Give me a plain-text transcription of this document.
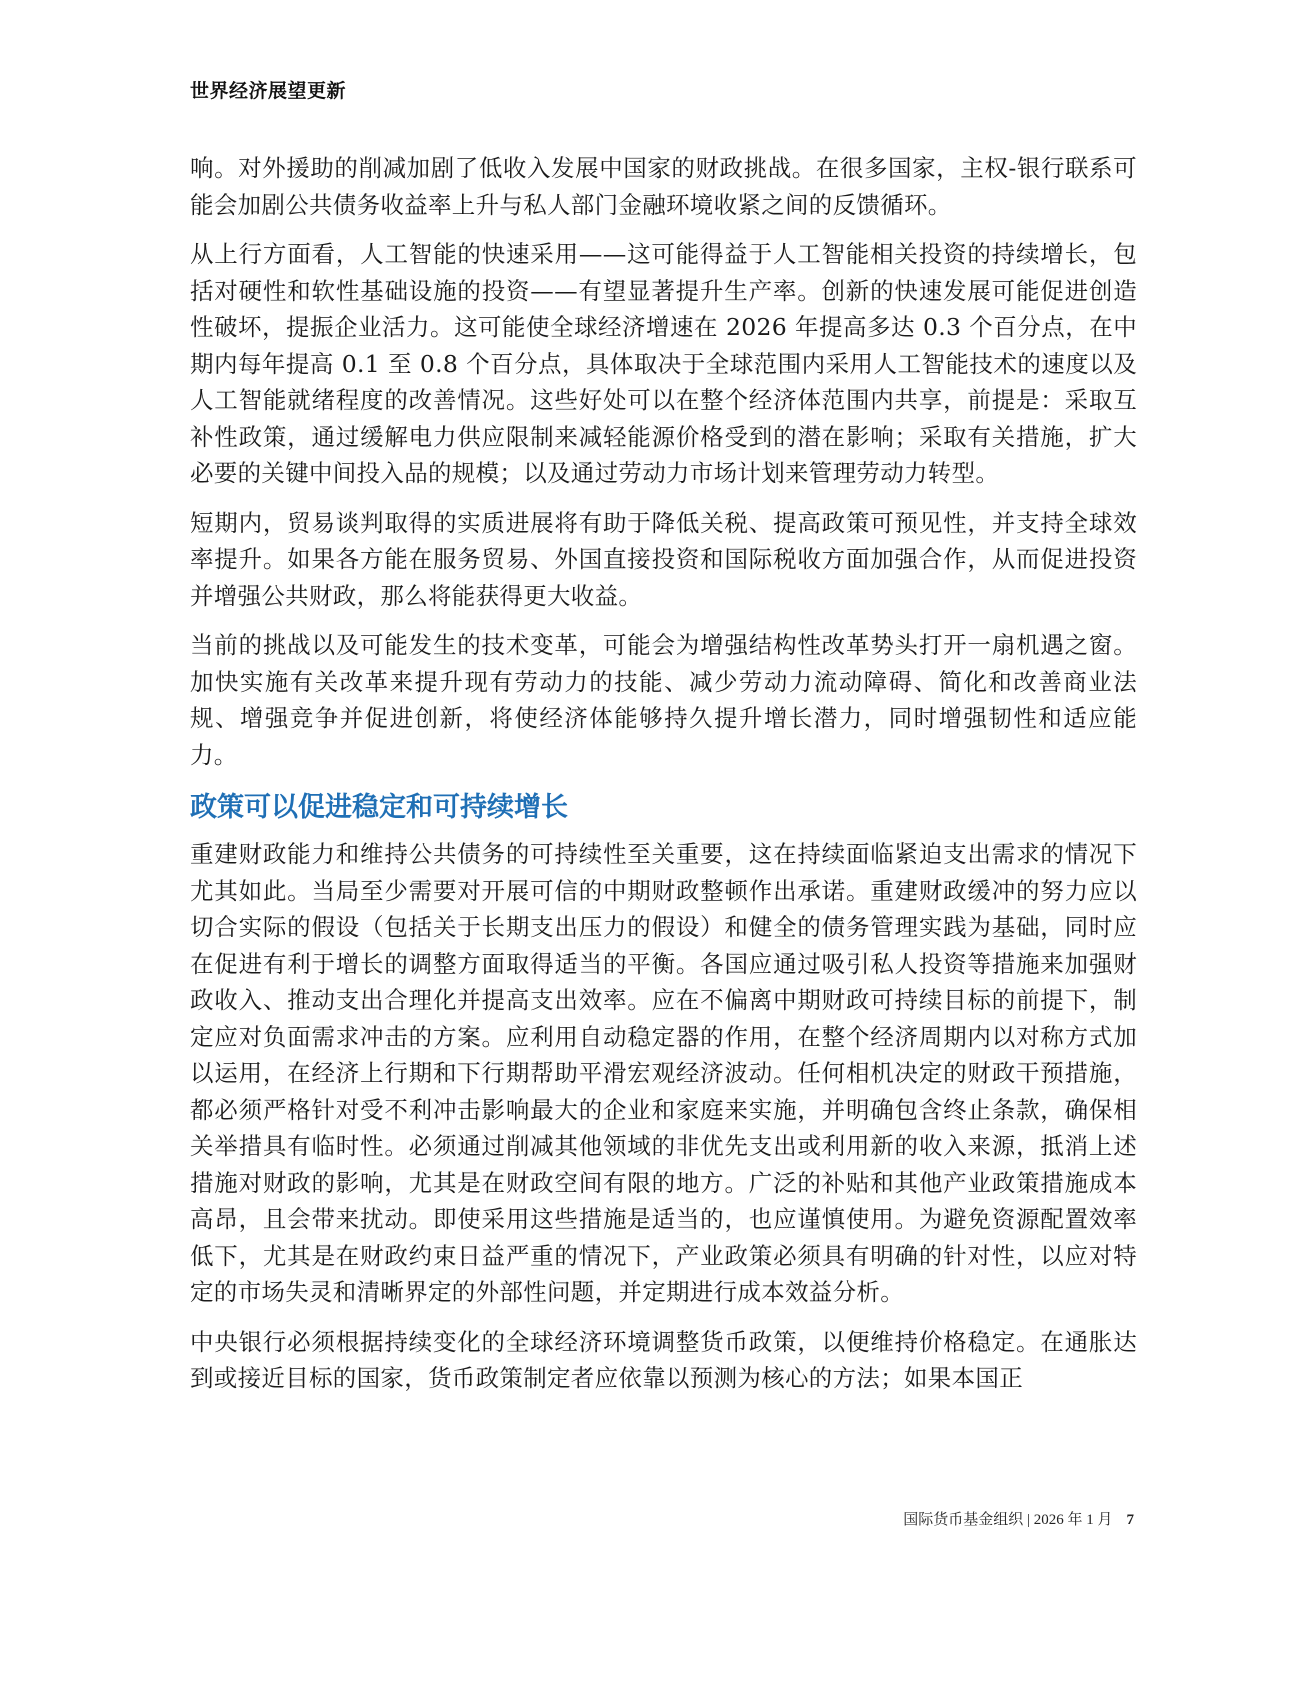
世界经济展望更新

响。对外援助的削减加剧了低收入发展中国家的财政挑战。在很多国家，主权-银行联系可能会加剧公共债务收益率上升与私人部门金融环境收紧之间的反馈循环。

从上行方面看，人工智能的快速采用——这可能得益于人工智能相关投资的持续增长，包括对硬性和软性基础设施的投资——有望显著提升生产率。创新的快速发展可能促进创造性破坏，提振企业活力。这可能使全球经济增速在 2026 年提高多达 0.3 个百分点，在中期内每年提高 0.1 至 0.8 个百分点，具体取决于全球范围内采用人工智能技术的速度以及人工智能就绪程度的改善情况。这些好处可以在整个经济体范围内共享，前提是：采取互补性政策，通过缓解电力供应限制来减轻能源价格受到的潜在影响；采取有关措施，扩大必要的关键中间投入品的规模；以及通过劳动力市场计划来管理劳动力转型。

短期内，贸易谈判取得的实质进展将有助于降低关税、提高政策可预见性，并支持全球效率提升。如果各方能在服务贸易、外国直接投资和国际税收方面加强合作，从而促进投资并增强公共财政，那么将能获得更大收益。

当前的挑战以及可能发生的技术变革，可能会为增强结构性改革势头打开一扇机遇之窗。加快实施有关改革来提升现有劳动力的技能、减少劳动力流动障碍、简化和改善商业法规、增强竞争并促进创新，将使经济体能够持久提升增长潜力，同时增强韧性和适应能力。

政策可以促进稳定和可持续增长

重建财政能力和维持公共债务的可持续性至关重要，这在持续面临紧迫支出需求的情况下尤其如此。当局至少需要对开展可信的中期财政整顿作出承诺。重建财政缓冲的努力应以切合实际的假设（包括关于长期支出压力的假设）和健全的债务管理实践为基础，同时应在促进有利于增长的调整方面取得适当的平衡。各国应通过吸引私人投资等措施来加强财政收入、推动支出合理化并提高支出效率。应在不偏离中期财政可持续目标的前提下，制定应对负面需求冲击的方案。应利用自动稳定器的作用，在整个经济周期内以对称方式加以运用，在经济上行期和下行期帮助平滑宏观经济波动。任何相机决定的财政干预措施，都必须严格针对受不利冲击影响最大的企业和家庭来实施，并明确包含终止条款，确保相关举措具有临时性。必须通过削减其他领域的非优先支出或利用新的收入来源，抵消上述措施对财政的影响，尤其是在财政空间有限的地方。广泛的补贴和其他产业政策措施成本高昂，且会带来扰动。即使采用这些措施是适当的，也应谨慎使用。为避免资源配置效率低下，尤其是在财政约束日益严重的情况下，产业政策必须具有明确的针对性，以应对特定的市场失灵和清晰界定的外部性问题，并定期进行成本效益分析。

中央银行必须根据持续变化的全球经济环境调整货币政策，以便维持价格稳定。在通胀达到或接近目标的国家，货币政策制定者应依靠以预测为核心的方法；如果本国正

国际货币基金组织 | 2026 年 1 月 7
